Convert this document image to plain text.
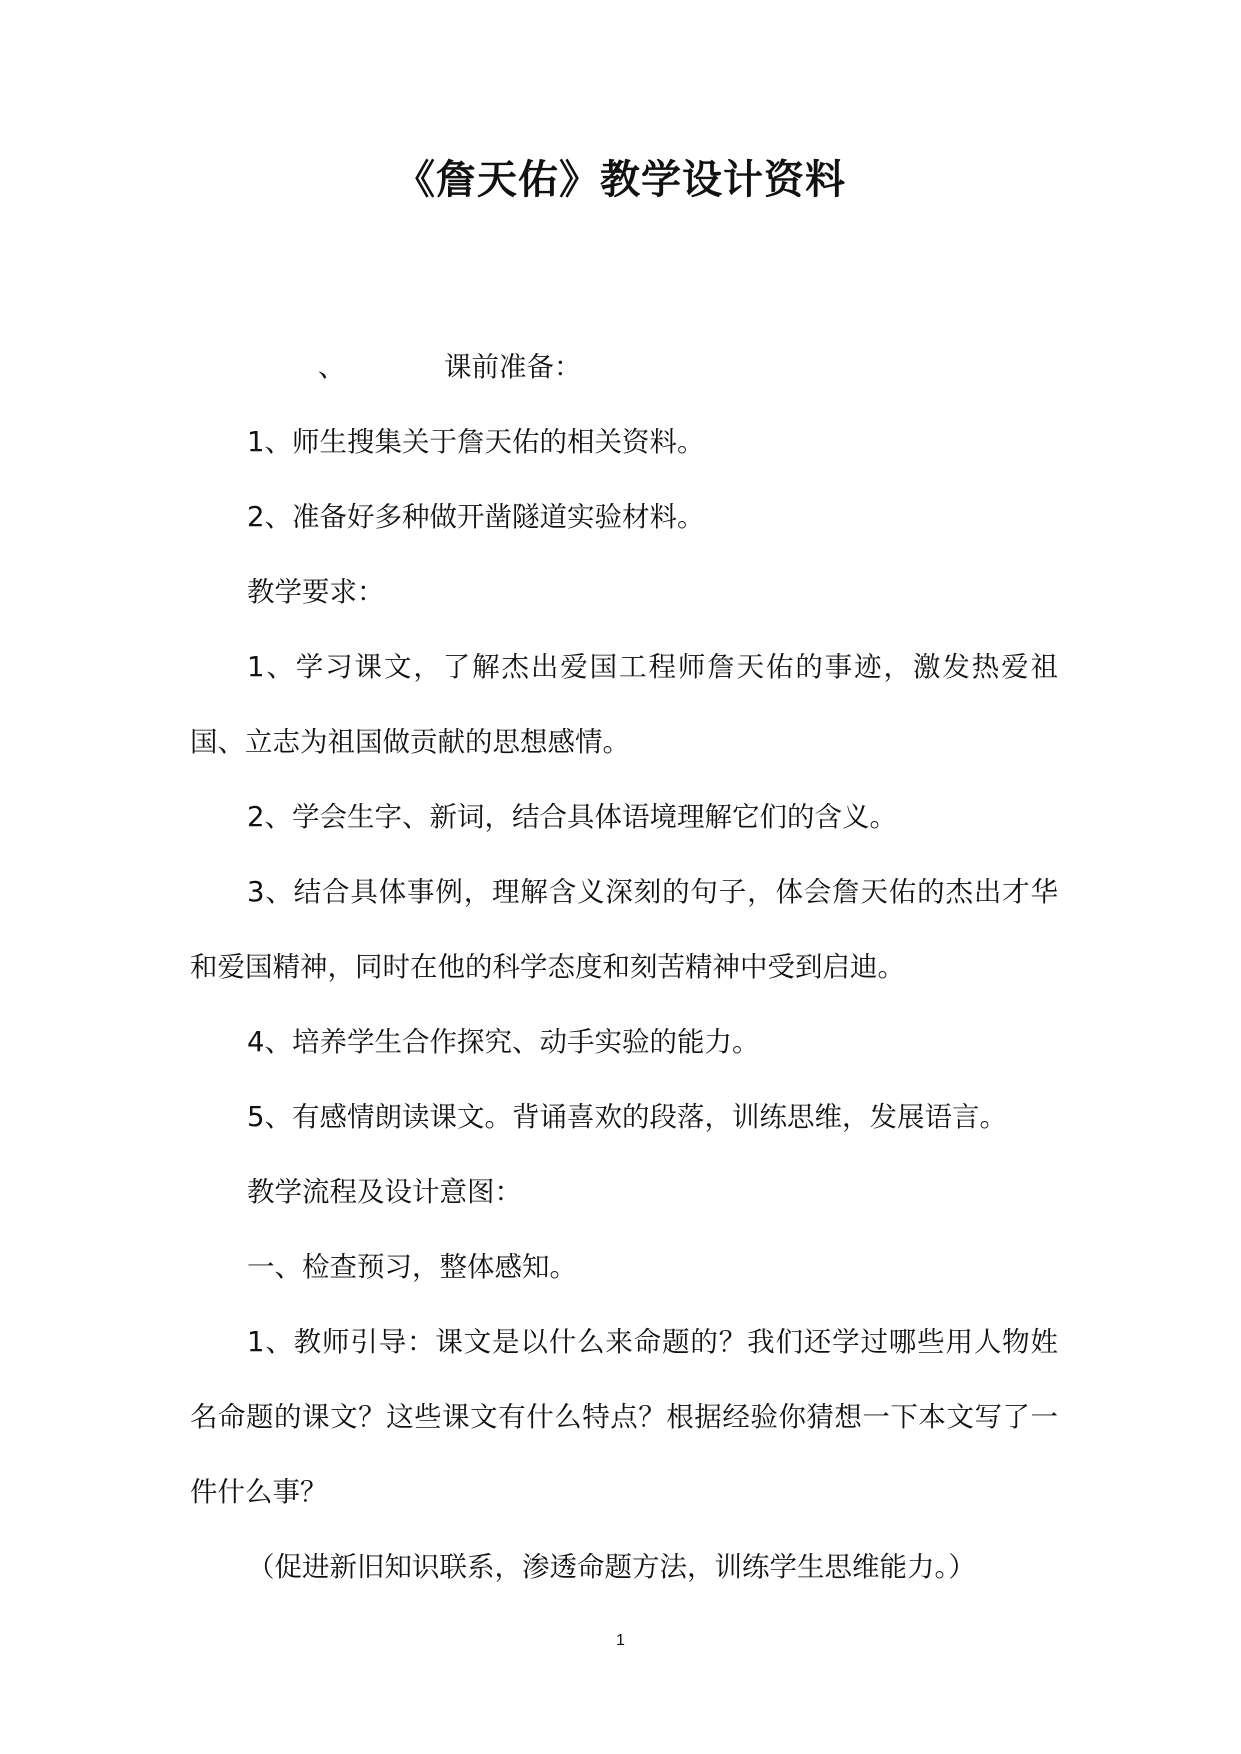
《詹天佑》教学设计资料

、	课前准备：

1、师生搜集关于詹天佑的相关资料。

2、准备好多种做开凿隧道实验材料。

教学要求：

1、学习课文，了解杰出爱国工程师詹天佑的事迹，激发热爱祖国、立志为祖国做贡献的思想感情。

2、学会生字、新词，结合具体语境理解它们的含义。

3、结合具体事例，理解含义深刻的句子，体会詹天佑的杰出才华和爱国精神，同时在他的科学态度和刻苦精神中受到启迪。

4、培养学生合作探究、动手实验的能力。

5、有感情朗读课文。背诵喜欢的段落，训练思维，发展语言。

教学流程及设计意图：

一、检查预习，整体感知。

1、教师引导：课文是以什么来命题的？我们还学过哪些用人物姓名命题的课文？这些课文有什么特点？根据经验你猜想一下本文写了一件什么事？

（促进新旧知识联系，渗透命题方法，训练学生思维能力。）

1
